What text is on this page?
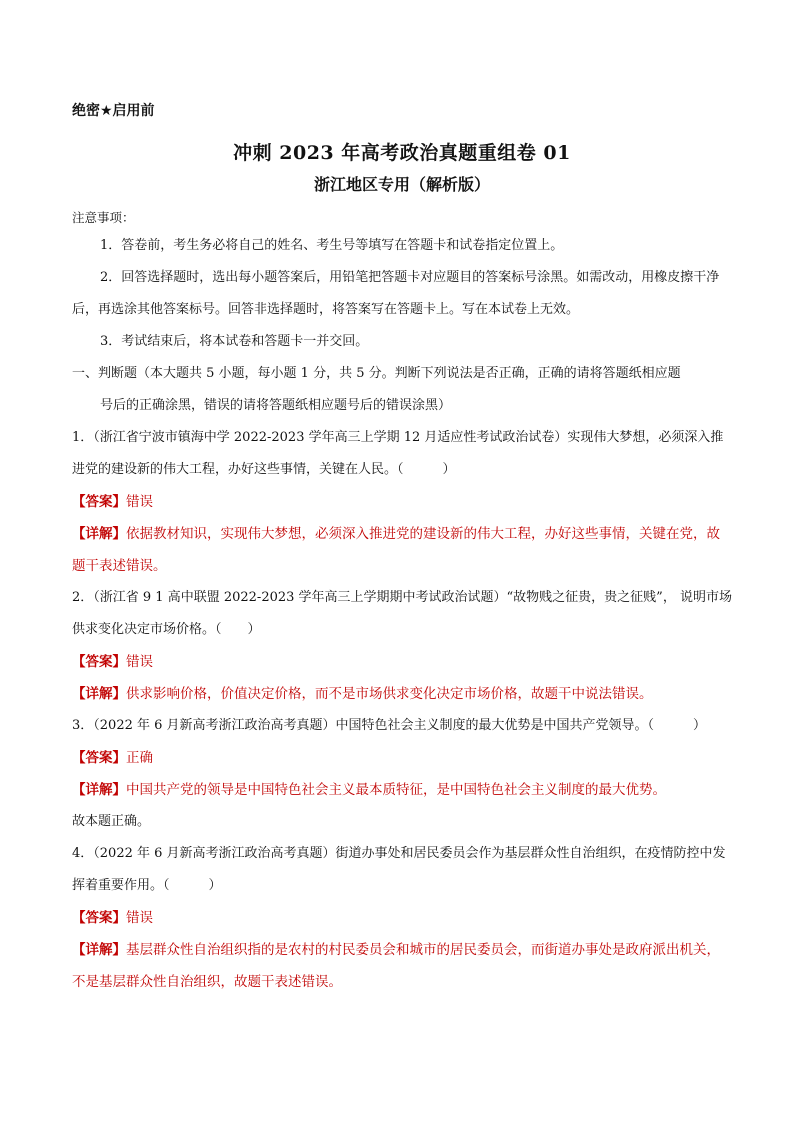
绝密★启用前
冲刺 2023 年高考政治真题重组卷 01
浙江地区专用（解析版）
注意事项：
1．答卷前，考生务必将自己的姓名、考生号等填写在答题卡和试卷指定位置上。
2．回答选择题时，选出每小题答案后，用铅笔把答题卡对应题目的答案标号涂黑。如需改动，用橡皮擦干净后，再选涂其他答案标号。回答非选择题时，将答案写在答题卡上。写在本试卷上无效。
3．考试结束后，将本试卷和答题卡一并交回。
一、判断题（本大题共 5 小题，每小题 1 分，共 5 分。判断下列说法是否正确，正确的请将答题纸相应题
号后的正确涂黑，错误的请将答题纸相应题号后的错误涂黑）
1．（浙江省宁波市镇海中学 2022-2023 学年高三上学期 12 月适应性考试政治试卷）实现伟大梦想，必须深入推进党的建设新的伟大工程，办好这些事情，关键在人民。（　　　）
【答案】错误
【详解】依据教材知识，实现伟大梦想，必须深入推进党的建设新的伟大工程，办好这些事情，关键在党，故题干表述错误。
2．（浙江省 9 1 高中联盟 2022-2023 学年高三上学期期中考试政治试题）“故物贱之征贵，贵之征贱”， 说明市场供求变化决定市场价格。（　　）
【答案】错误
【详解】供求影响价格，价值决定价格，而不是市场供求变化决定市场价格，故题干中说法错误。
3．（2022 年 6 月新高考浙江政治高考真题）中国特色社会主义制度的最大优势是中国共产党领导。（　　　）
【答案】正确
【详解】中国共产党的领导是中国特色社会主义最本质特征，是中国特色社会主义制度的最大优势。
故本题正确。
4．（2022 年 6 月新高考浙江政治高考真题）街道办事处和居民委员会作为基层群众性自治组织，在疫情防控中发挥着重要作用。（　　　）
【答案】错误
【详解】基层群众性自治组织指的是农村的村民委员会和城市的居民委员会，而街道办事处是政府派出机关，不是基层群众性自治组织，故题干表述错误。
